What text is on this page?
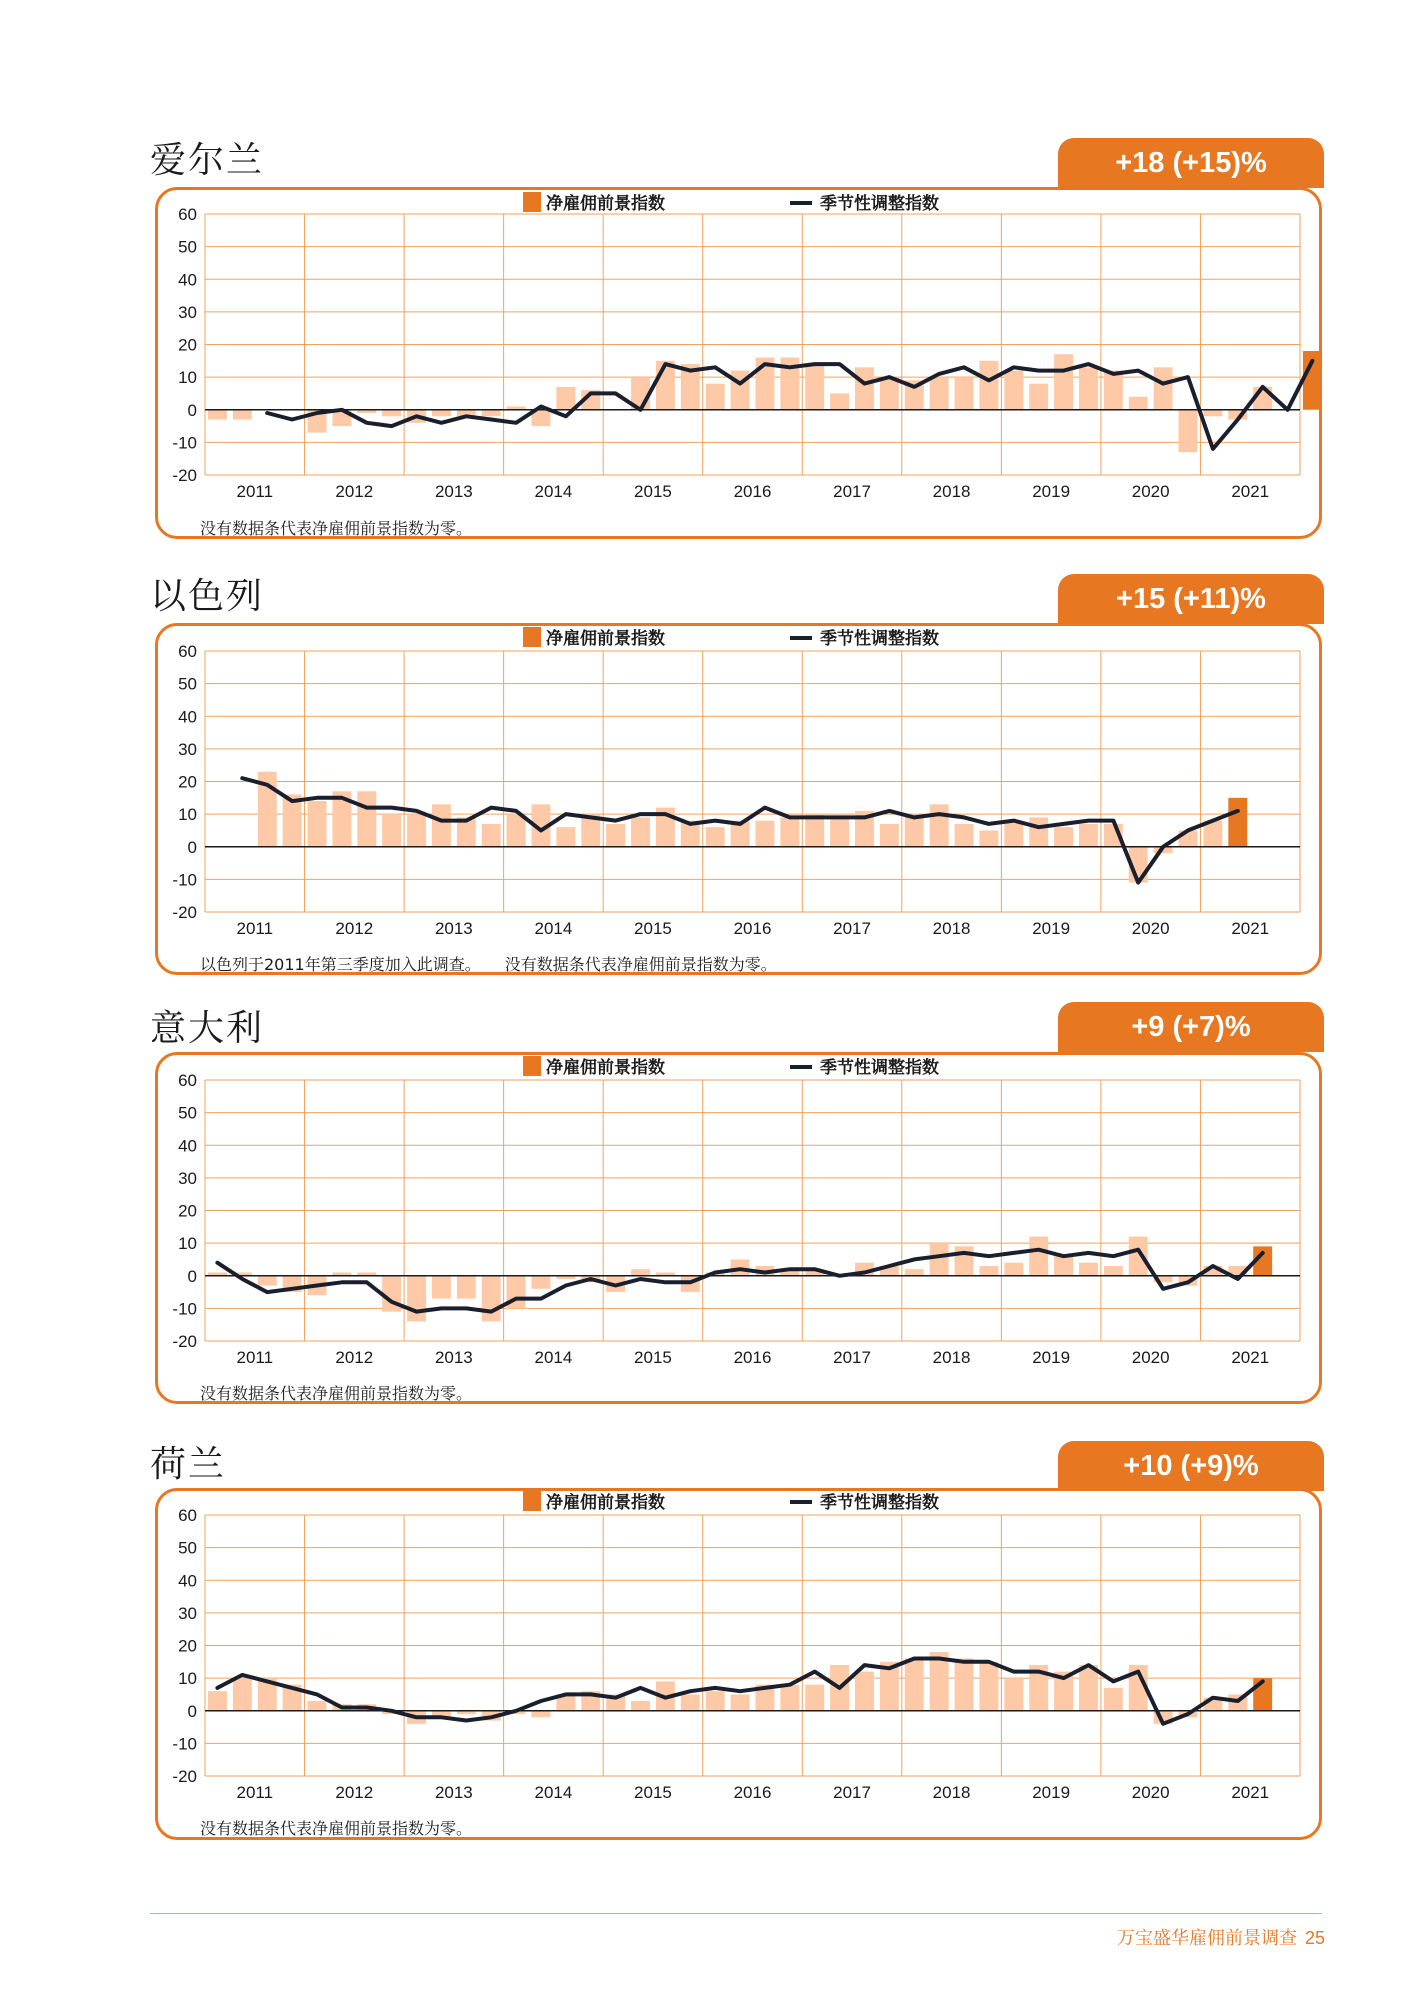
爱尔兰	+18 (+15)%
60
50
40
30
20
10
0
-10
-20
2011	2012	2013	2014	2015	2016	2017	2018	2019	2020	2021
净雇佣前景指数	季节性调整指数
没有数据条代表净雇佣前景指数为零。
以色列	+15 (+11)%
60
50
40
30
20
10
0
-10
-20
2011	2012	2013	2014	2015	2016	2017	2018	2019	2020	2021
净雇佣前景指数	季节性调整指数
以色列于2011年第三季度加入此调查。　　没有数据条代表净雇佣前景指数为零。
意大利	+9 (+7)%
60
50
40
30
20
10
0
-10
-20
2011	2012	2013	2014	2015	2016	2017	2018	2019	2020	2021
净雇佣前景指数	季节性调整指数
没有数据条代表净雇佣前景指数为零。
荷兰	+10 (+9)%
60
50
40
30
20
10
0
-10
-20
2011	2012	2013	2014	2015	2016	2017	2018	2019	2020	2021
净雇佣前景指数	季节性调整指数
没有数据条代表净雇佣前景指数为零。
万宝盛华雇佣前景调查 25
